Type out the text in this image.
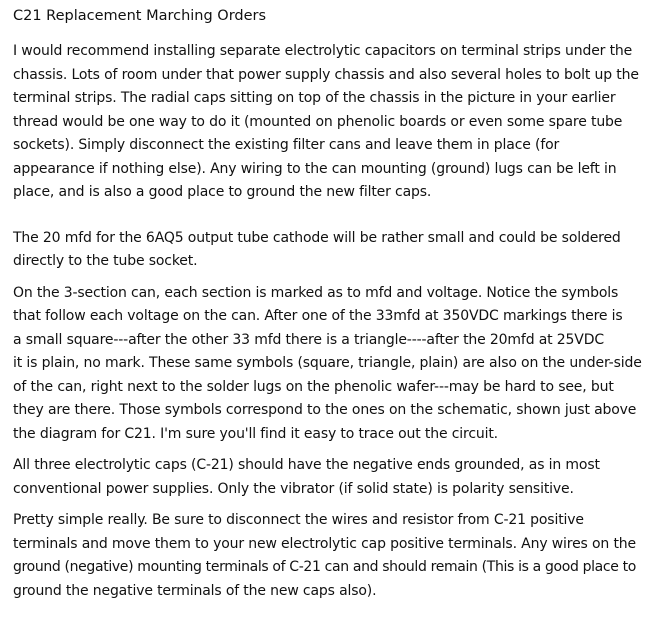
C21 Replacement Marching Orders

I would recommend installing separate electrolytic capacitors on terminal strips under the
chassis. Lots of room under that power supply chassis and also several holes to bolt up the
terminal strips. The radial caps sitting on top of the chassis in the picture in your earlier
thread would be one way to do it (mounted on phenolic boards or even some spare tube
sockets). Simply disconnect the existing filter cans and leave them in place (for
appearance if nothing else). Any wiring to the can mounting (ground) lugs can be left in
place, and is also a good place to ground the new filter caps.

The 20 mfd for the 6AQ5 output tube cathode will be rather small and could be soldered
directly to the tube socket.

On the 3-section can, each section is marked as to mfd and voltage. Notice the symbols
that follow each voltage on the can. After one of the 33mfd at 350VDC markings there is
a small square---after the other 33 mfd there is a triangle----after the 20mfd at 25VDC
it is plain, no mark. These same symbols (square, triangle, plain) are also on the under-side
of the can, right next to the solder lugs on the phenolic wafer---may be hard to see, but
they are there. Those symbols correspond to the ones on the schematic, shown just above
the diagram for C21. I'm sure you'll find it easy to trace out the circuit.

All three electrolytic caps (C-21) should have the negative ends grounded, as in most
conventional power supplies. Only the vibrator (if solid state) is polarity sensitive.

Pretty simple really. Be sure to disconnect the wires and resistor from C-21 positive
terminals and move them to your new electrolytic cap positive terminals. Any wires on the
ground (negative) mounting terminals of C-21 can and should remain (This is a good place to
ground the negative terminals of the new caps also).
